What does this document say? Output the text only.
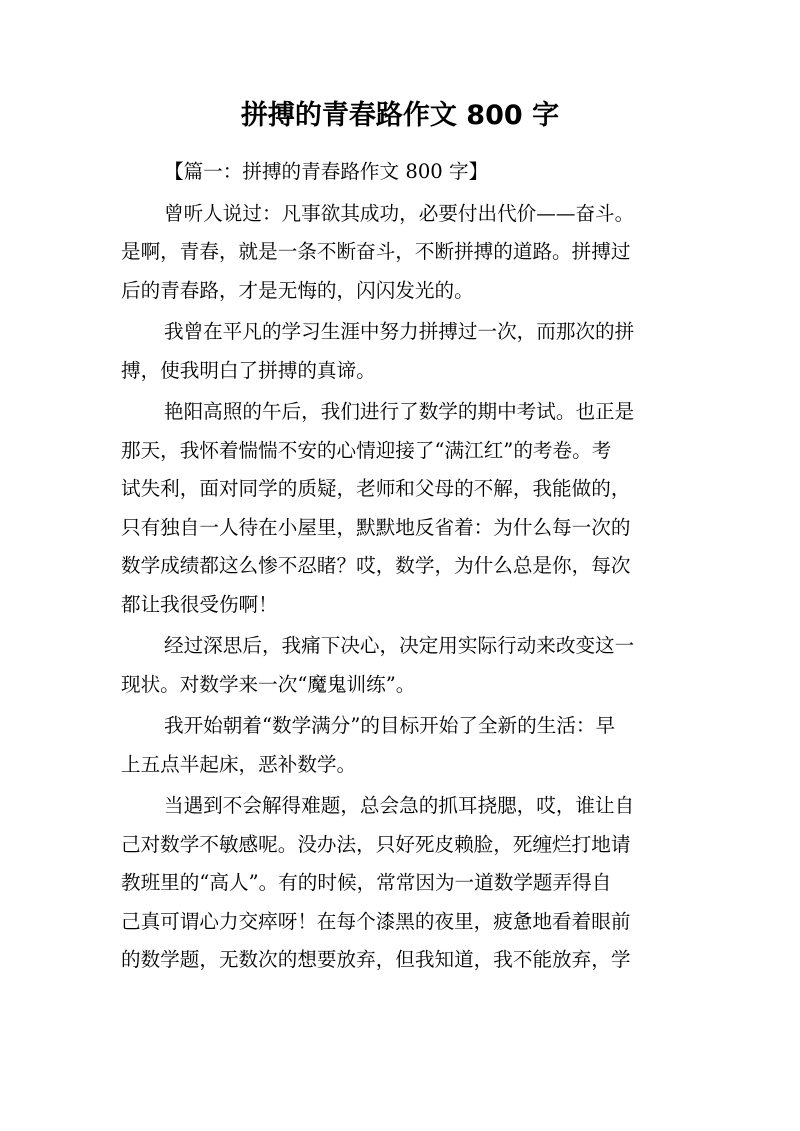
拼搏的青春路作文 800 字
【篇一：拼搏的青春路作文 800 字】
曾听人说过：凡事欲其成功，必要付出代价——奋斗。
是啊，青春，就是一条不断奋斗，不断拼搏的道路。拼搏过
后的青春路，才是无悔的，闪闪发光的。
我曾在平凡的学习生涯中努力拼搏过一次，而那次的拼
搏，使我明白了拼搏的真谛。
艳阳高照的午后，我们进行了数学的期中考试。也正是
那天，我怀着惴惴不安的心情迎接了“满江红”的考卷。考
试失利，面对同学的质疑，老师和父母的不解，我能做的，
只有独自一人待在小屋里，默默地反省着：为什么每一次的
数学成绩都这么惨不忍睹？哎，数学，为什么总是你，每次
都让我很受伤啊！
经过深思后，我痛下决心，决定用实际行动来改变这一
现状。对数学来一次“魔鬼训练”。
我开始朝着“数学满分”的目标开始了全新的生活：早
上五点半起床，恶补数学。
当遇到不会解得难题，总会急的抓耳挠腮，哎，谁让自
己对数学不敏感呢。没办法，只好死皮赖脸，死缠烂打地请
教班里的“高人”。有的时候，常常因为一道数学题弄得自
己真可谓心力交瘁呀！在每个漆黑的夜里，疲惫地看着眼前
的数学题，无数次的想要放弃，但我知道，我不能放弃，学
